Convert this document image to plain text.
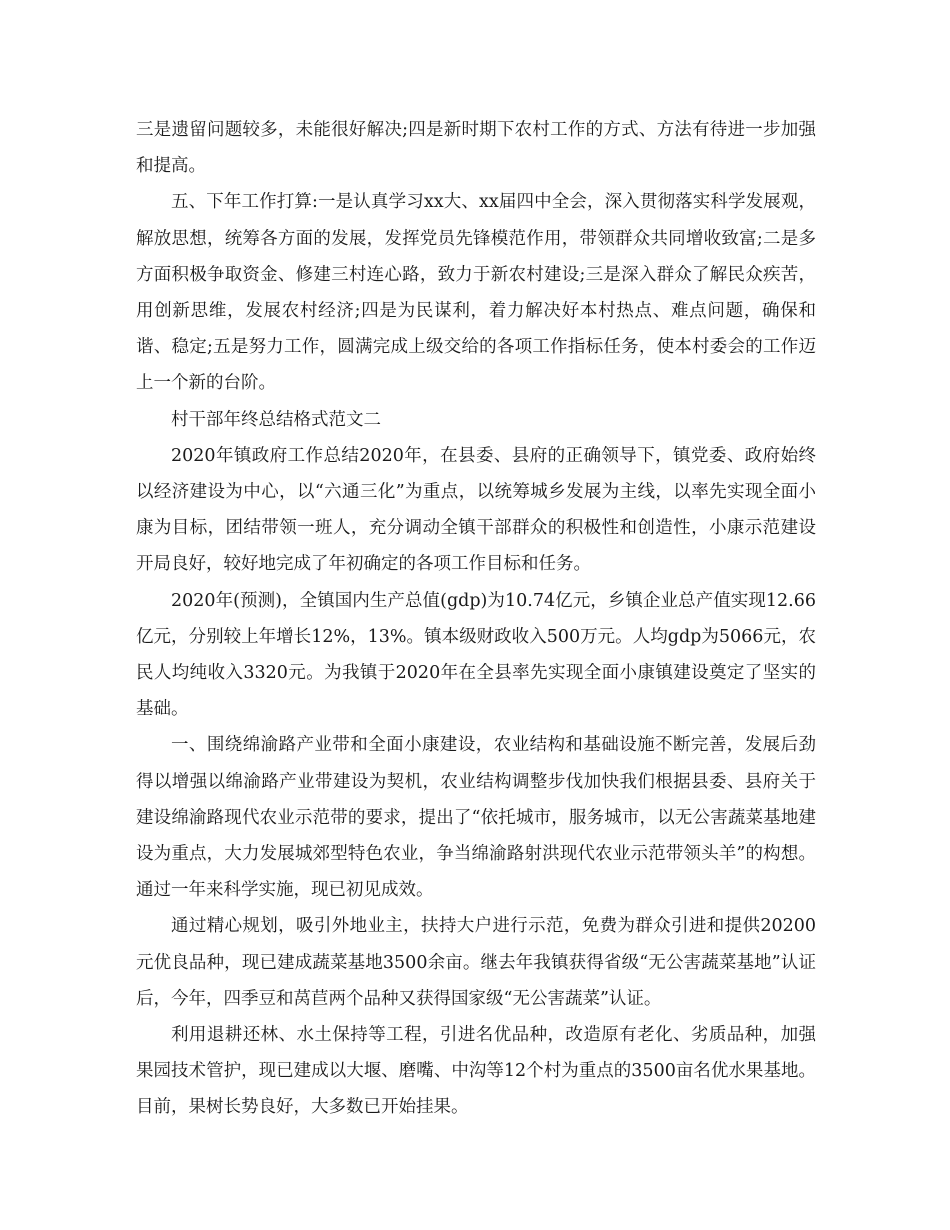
三是遗留问题较多，未能很好解决;四是新时期下农村工作的方式、方法有待进一步加强和提高。

五、下年工作打算:一是认真学习xx大、xx届四中全会，深入贯彻落实科学发展观，解放思想，统筹各方面的发展，发挥党员先锋模范作用，带领群众共同增收致富;二是多方面积极争取资金、修建三村连心路，致力于新农村建设;三是深入群众了解民众疾苦，用创新思维，发展农村经济;四是为民谋利，着力解决好本村热点、难点问题，确保和谐、稳定;五是努力工作，圆满完成上级交给的各项工作指标任务，使本村委会的工作迈上一个新的台阶。

村干部年终总结格式范文二

2020年镇政府工作总结2020年，在县委、县府的正确领导下，镇党委、政府始终以经济建设为中心，以“六通三化”为重点，以统筹城乡发展为主线，以率先实现全面小康为目标，团结带领一班人，充分调动全镇干部群众的积极性和创造性，小康示范建设开局良好，较好地完成了年初确定的各项工作目标和任务。

2020年(预测)，全镇国内生产总值(gdp)为10.74亿元，乡镇企业总产值实现12.66亿元，分别较上年增长12%，13%。镇本级财政收入500万元。人均gdp为5066元，农民人均纯收入3320元。为我镇于2020年在全县率先实现全面小康镇建设奠定了坚实的基础。

一、围绕绵渝路产业带和全面小康建设，农业结构和基础设施不断完善，发展后劲得以增强以绵渝路产业带建设为契机，农业结构调整步伐加快我们根据县委、县府关于建设绵渝路现代农业示范带的要求，提出了“依托城市，服务城市，以无公害蔬菜基地建设为重点，大力发展城郊型特色农业，争当绵渝路射洪现代农业示范带领头羊”的构想。通过一年来科学实施，现已初见成效。

通过精心规划，吸引外地业主，扶持大户进行示范，免费为群众引进和提供20200元优良品种，现已建成蔬菜基地3500余亩。继去年我镇获得省级“无公害蔬菜基地”认证后，今年，四季豆和莴苣两个品种又获得国家级“无公害蔬菜”认证。

利用退耕还林、水土保持等工程，引进名优品种，改造原有老化、劣质品种，加强果园技术管护，现已建成以大堰、磨嘴、中沟等12个村为重点的3500亩名优水果基地。目前，果树长势良好，大多数已开始挂果。
